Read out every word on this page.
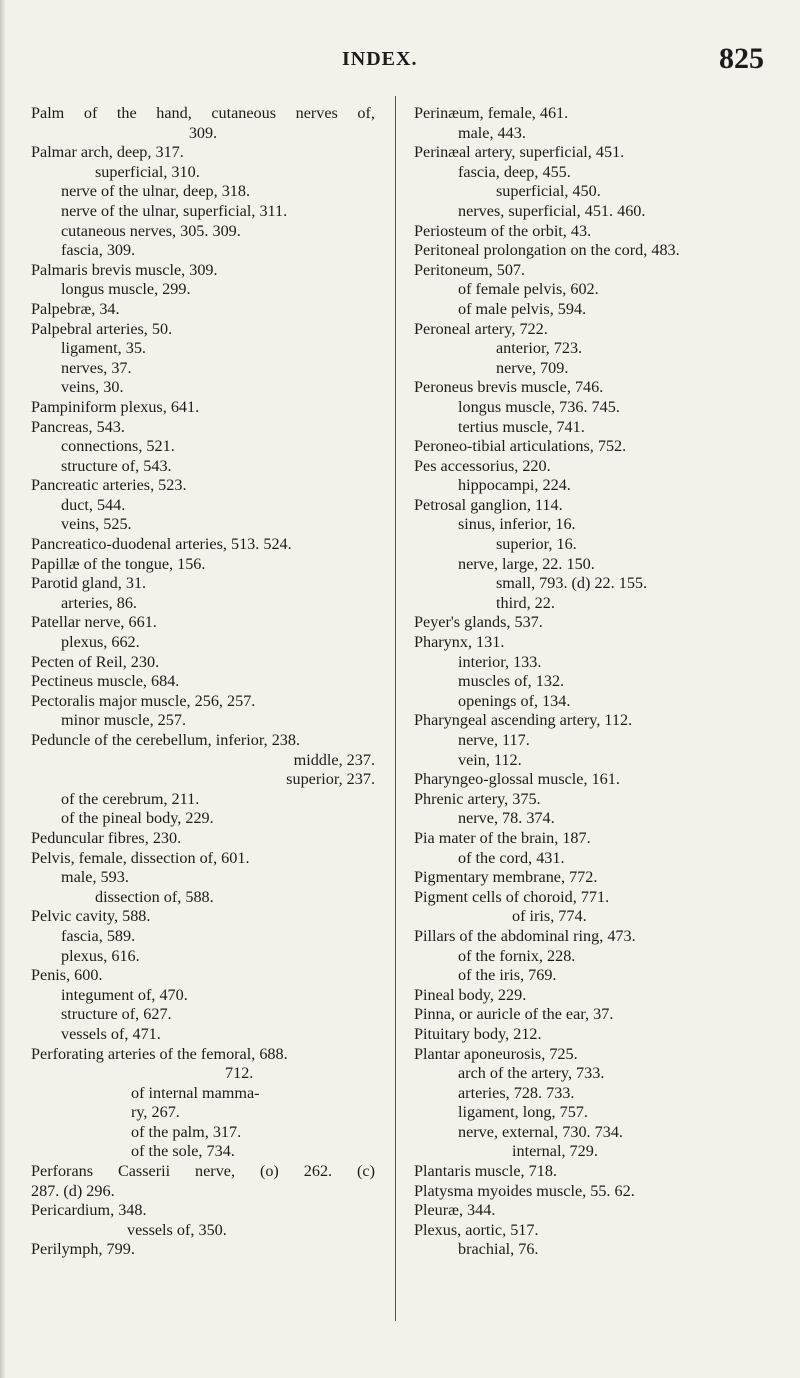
INDEX.	825
Palm of the hand, cutaneous nerves of,
309.
Palmar arch, deep, 317.
superficial, 310.
nerve of the ulnar, deep, 318.
nerve of the ulnar, superficial, 311.
cutaneous nerves, 305. 309.
fascia, 309.
Palmaris brevis muscle, 309.
longus muscle, 299.
Palpebræ, 34.
Palpebral arteries, 50.
ligament, 35.
nerves, 37.
veins, 30.
Pampiniform plexus, 641.
Pancreas, 543.
connections, 521.
structure of, 543.
Pancreatic arteries, 523.
duct, 544.
veins, 525.
Pancreatico-duodenal arteries, 513. 524.
Papillæ of the tongue, 156.
Parotid gland, 31.
arteries, 86.
Patellar nerve, 661.
plexus, 662.
Pecten of Reil, 230.
Pectineus muscle, 684.
Pectoralis major muscle, 256, 257.
minor muscle, 257.
Peduncle of the cerebellum, inferior, 238.
middle, 237.
superior, 237.
of the cerebrum, 211.
of the pineal body, 229.
Peduncular fibres, 230.
Pelvis, female, dissection of, 601.
male, 593.
dissection of, 588.
Pelvic cavity, 588.
fascia, 589.
plexus, 616.
Penis, 600.
integument of, 470.
structure of, 627.
vessels of, 471.
Perforating arteries of the femoral, 688.
712.
of internal mamma-
ry, 267.
of the palm, 317.
of the sole, 734.
Perforans Casserii nerve, (o) 262. (c)
287. (d) 296.
Pericardium, 348.
vessels of, 350.
Perilymph, 799.
Perinæum, female, 461.
male, 443.
Perinæal artery, superficial, 451.
fascia, deep, 455.
superficial, 450.
nerves, superficial, 451. 460.
Periosteum of the orbit, 43.
Peritoneal prolongation on the cord, 483.
Peritoneum, 507.
of female pelvis, 602.
of male pelvis, 594.
Peroneal artery, 722.
anterior, 723.
nerve, 709.
Peroneus brevis muscle, 746.
longus muscle, 736. 745.
tertius muscle, 741.
Peroneo-tibial articulations, 752.
Pes accessorius, 220.
hippocampi, 224.
Petrosal ganglion, 114.
sinus, inferior, 16.
superior, 16.
nerve, large, 22. 150.
small, 793. (d) 22. 155.
third, 22.
Peyer's glands, 537.
Pharynx, 131.
interior, 133.
muscles of, 132.
openings of, 134.
Pharyngeal ascending artery, 112.
nerve, 117.
vein, 112.
Pharyngeo-glossal muscle, 161.
Phrenic artery, 375.
nerve, 78. 374.
Pia mater of the brain, 187.
of the cord, 431.
Pigmentary membrane, 772.
Pigment cells of choroid, 771.
of iris, 774.
Pillars of the abdominal ring, 473.
of the fornix, 228.
of the iris, 769.
Pineal body, 229.
Pinna, or auricle of the ear, 37.
Pituitary body, 212.
Plantar aponeurosis, 725.
arch of the artery, 733.
arteries, 728. 733.
ligament, long, 757.
nerve, external, 730. 734.
internal, 729.
Plantaris muscle, 718.
Platysma myoides muscle, 55. 62.
Pleuræ, 344.
Plexus, aortic, 517.
brachial, 76.
